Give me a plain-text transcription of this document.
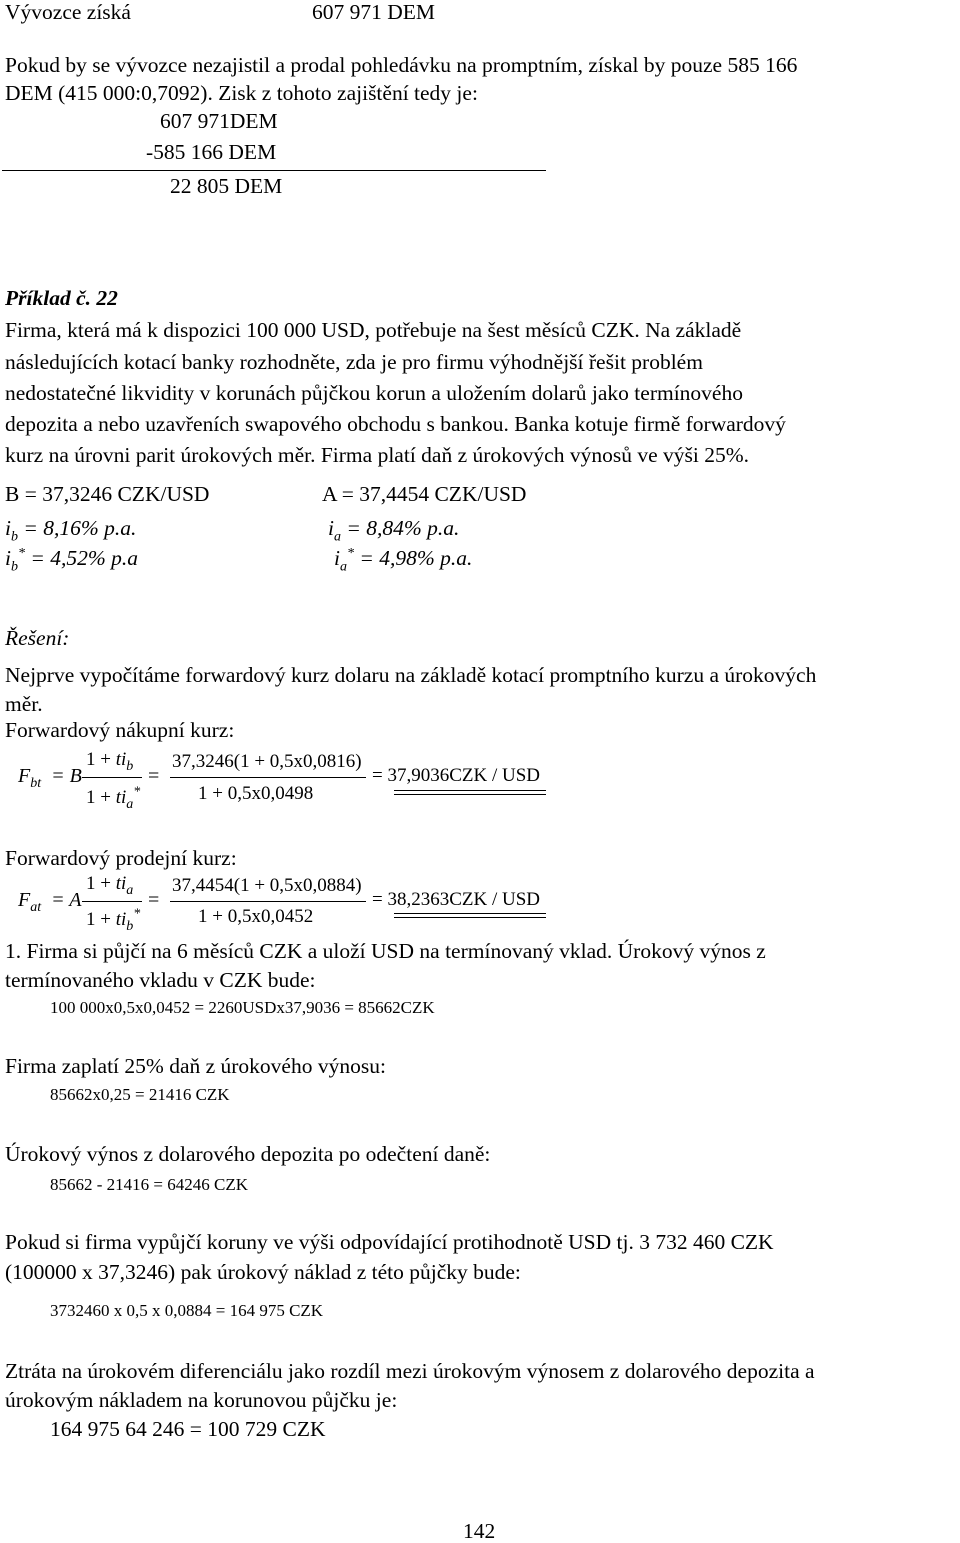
Vývozce získá	607 971 DEM
Pokud by se vývozce nezajistil a prodal pohledávku na promptním, získal by pouze 585 166
DEM (415 000:0,7092). Zisk z tohoto zajištění tedy je:
607 971DEM
-585 166 DEM
22 805 DEM
Příklad č. 22
Firma, která má k dispozici 100 000 USD, potřebuje na šest měsíců CZK. Na základě
následujících kotací banky rozhodněte, zda je pro firmu výhodnější řešit problém
nedostatečné likvidity v korunách půjčkou korun a uložením dolarů jako termínového
depozita a nebo uzavřeních swapového obchodu s bankou. Banka kotuje firmě forwardový
kurz na úrovni parit úrokových měr. Firma platí daň z úrokových výnosů ve výši 25%.
B = 37,3246 CZK/USD	A = 37,4454 CZK/USD
$i_b = 8,16\%$ p.a.	$i_a = 8,84\%$ p.a.
$i_b^* = 4,52\%$ p.a	$i_a^* = 4,98\%$ p.a.
Řešení:
Nejprve vypočítáme forwardový kurz dolaru na základě kotací promptního kurzu a úrokových
měr.
Forwardový nákupní kurz:
$F_{bt} = B$
$1 + ti_b$
$1 + ti_a^*$
=
37,3246(1 + 0,5x0,0816)
1 + 0,5x0,0498
= 37,9036CZK / USD
Forwardový prodejní kurz:
$F_{at} = A$
$1 + ti_a$
$1 + ti_b^*$
=
37,4454(1 + 0,5x0,0884)
1 + 0,5x0,0452
= 38,2363CZK / USD
1. Firma si půjčí na 6 měsíců CZK a uloží USD na termínovaný vklad. Úrokový výnos z
termínovaného vkladu v CZK bude:
100 000x0,5x0,0452 = 2260USDx37,9036 = 85662CZK
Firma zaplatí 25% daň z úrokového výnosu:
85662x0,25 = 21416 CZK
Úrokový výnos z dolarového depozita po odečtení daně:
85662 - 21416 = 64246 CZK
Pokud si firma vypůjčí koruny ve výši odpovídající protihodnotě USD tj. 3 732 460 CZK
(100000 x 37,3246) pak úrokový náklad z této půjčky bude:
3732460 x 0,5 x 0,0884 = 164 975 CZK
Ztráta na úrokovém diferenciálu jako rozdíl mezi úrokovým výnosem z dolarového depozita a
úrokovým nákladem na korunovou půjčku je:
164 975 64 246 = 100 729 CZK
142
